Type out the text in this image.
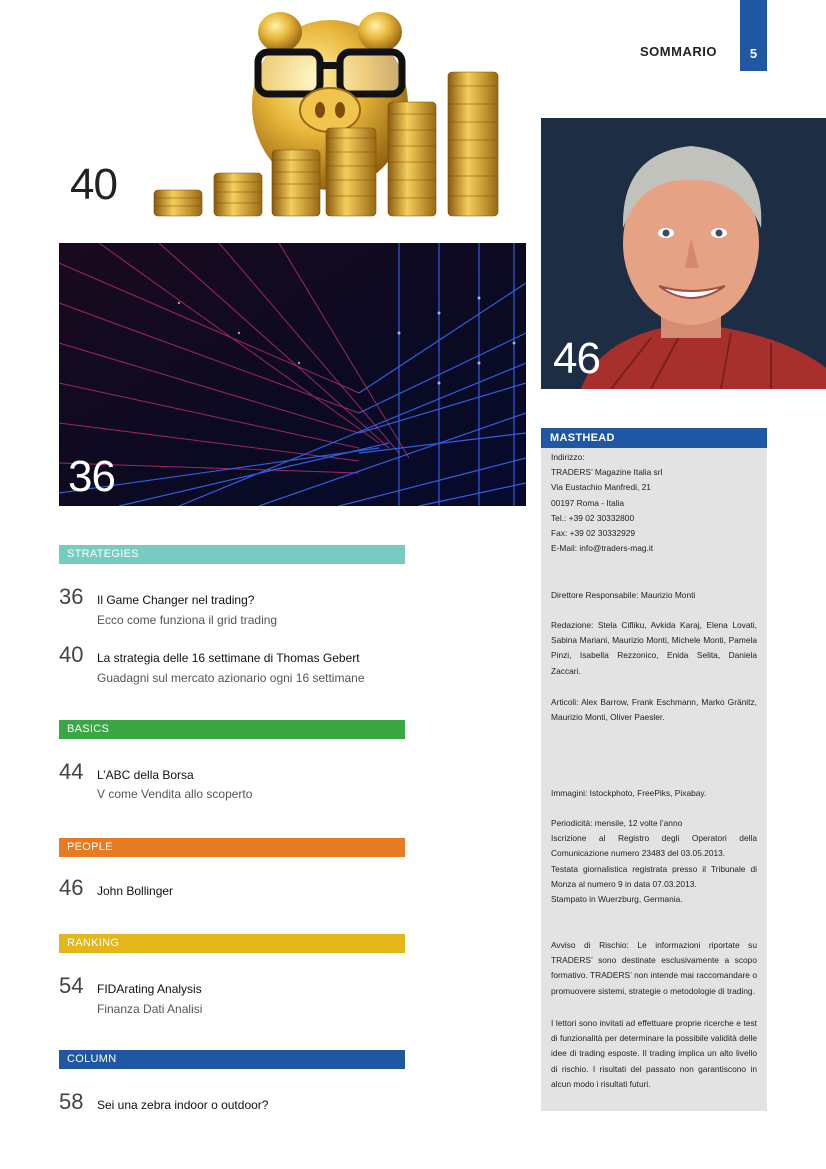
SOMMARIO	5
40
36
46
STRATEGIES
36	Il Game Changer nel trading?
Ecco come funziona il grid trading
40	La strategia delle 16 settimane di Thomas Gebert
Guadagni sul mercato azionario ogni 16 settimane
BASICS
44	L’ABC della Borsa
V come Vendita allo scoperto
PEOPLE
46	John Bollinger
RANKING
54	FIDArating Analysis
Finanza Dati Analisi
COLUMN
58	Sei una zebra indoor o outdoor?
MASTHEAD
Indirizzo:
TRADERS’ Magazine Italia srl
Via Eustachio Manfredi, 21
00197 Roma - Italia
Tel.: +39 02 30332800
Fax: +39 02 30332929
E-Mail: info@traders-mag.it
Direttore Responsabile: Maurizio Monti
Redazione: Stela Cifliku, Avkida Karaj, Elena Lovati, Sabina Mariani, Maurizio Monti, Michele Monti, Pamela Pinzi, Isabella Rezzonico, Enida Selita, Daniela Zaccari.
Articoli: Alex Barrow, Frank Eschmann, Marko Gränitz, Maurizio Monti, Oliver Paesler.
Immagini: Istockphoto, FreePiks, Pixabay.
Periodicità: mensile, 12 volte l’anno
Iscrizione al Registro degli Operatori della Comunicazione numero 23483 del 03.05.2013.
Testata giornalistica registrata presso il Tribunale di Monza al numero 9 in data 07.03.2013.
Stampato in Wuerzburg, Germania.
Avviso di Rischio: Le informazioni riportate su TRADERS’ sono destinate esclusivamente a scopo formativo. TRADERS’ non intende mai raccomandare o promuovere sistemi, strategie o metodologie di trading.
I lettori sono invitati ad effettuare proprie ricerche e test di funzionalità per determinare la possibile validità delle idee di trading esposte. Il trading implica un alto livello di rischio. I risultati del passato non garantiscono in alcun modo i risultati futuri.
